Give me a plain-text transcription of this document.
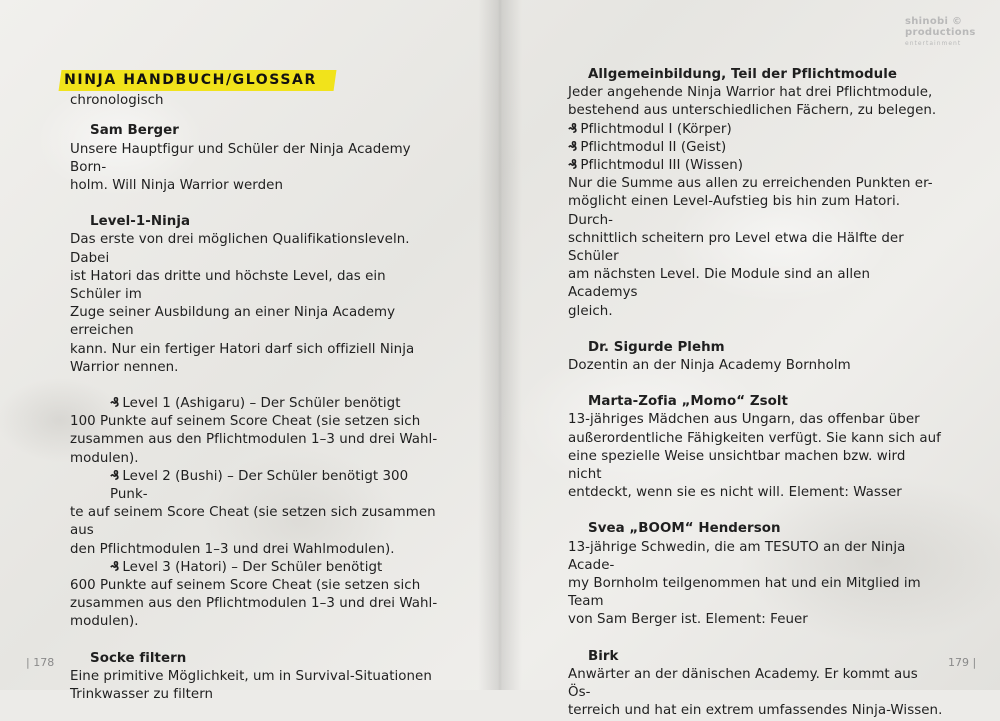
NINJA HANDBUCH/GLOSSAR
chronologisch
Sam Berger
Unsere Hauptfigur und Schüler der Ninja Academy Born-
holm. Will Ninja Warrior werden
Level-1-Ninja
Das erste von drei möglichen Qualifikationsleveln. Dabei
ist Hatori das dritte und höchste Level, das ein Schüler im
Zuge seiner Ausbildung an einer Ninja Academy erreichen
kann. Nur ein fertiger Hatori darf sich offiziell Ninja
Warrior nennen.
₰ Level 1 (Ashigaru) – Der Schüler benötigt
100 Punkte auf seinem Score Cheat (sie setzen sich
zusammen aus den Pflichtmodulen 1–3 und drei Wahl-
modulen).
₰ Level 2 (Bushi) – Der Schüler benötigt 300 Punk-
te auf seinem Score Cheat (sie setzen sich zusammen aus
den Pflichtmodulen 1–3 und drei Wahlmodulen).
₰ Level 3 (Hatori) – Der Schüler benötigt
600 Punkte auf seinem Score Cheat (sie setzen sich
zusammen aus den Pflichtmodulen 1–3 und drei Wahl-
modulen).
Socke filtern
Eine primitive Möglichkeit, um in Survival-Situationen
Trinkwasser zu filtern
| 178
shinobi ©
productions
entertainment
Allgemeinbildung, Teil der Pflichtmodule
Jeder angehende Ninja Warrior hat drei Pflichtmodule,
bestehend aus unterschiedlichen Fächern, zu belegen.
₰ Pflichtmodul I (Körper)
₰ Pflichtmodul II (Geist)
₰ Pflichtmodul III (Wissen)
Nur die Summe aus allen zu erreichenden Punkten er-
möglicht einen Level-Aufstieg bis hin zum Hatori. Durch-
schnittlich scheitern pro Level etwa die Hälfte der Schüler
am nächsten Level. Die Module sind an allen Academys
gleich.
Dr. Sigurde Plehm
Dozentin an der Ninja Academy Bornholm
Marta-Zofia „Momo“ Zsolt
13-jähriges Mädchen aus Ungarn, das offenbar über
außerordentliche Fähigkeiten verfügt. Sie kann sich auf
eine spezielle Weise unsichtbar machen bzw. wird nicht
entdeckt, wenn sie es nicht will. Element: Wasser
Svea „BOOM“ Henderson
13-jährige Schwedin, die am TESUTO an der Ninja Acade-
my Bornholm teilgenommen hat und ein Mitglied im Team
von Sam Berger ist. Element: Feuer
Birk
Anwärter an der dänischen Academy. Er kommt aus Ös-
terreich und hat ein extrem umfassendes Ninja-Wissen.
179 |
